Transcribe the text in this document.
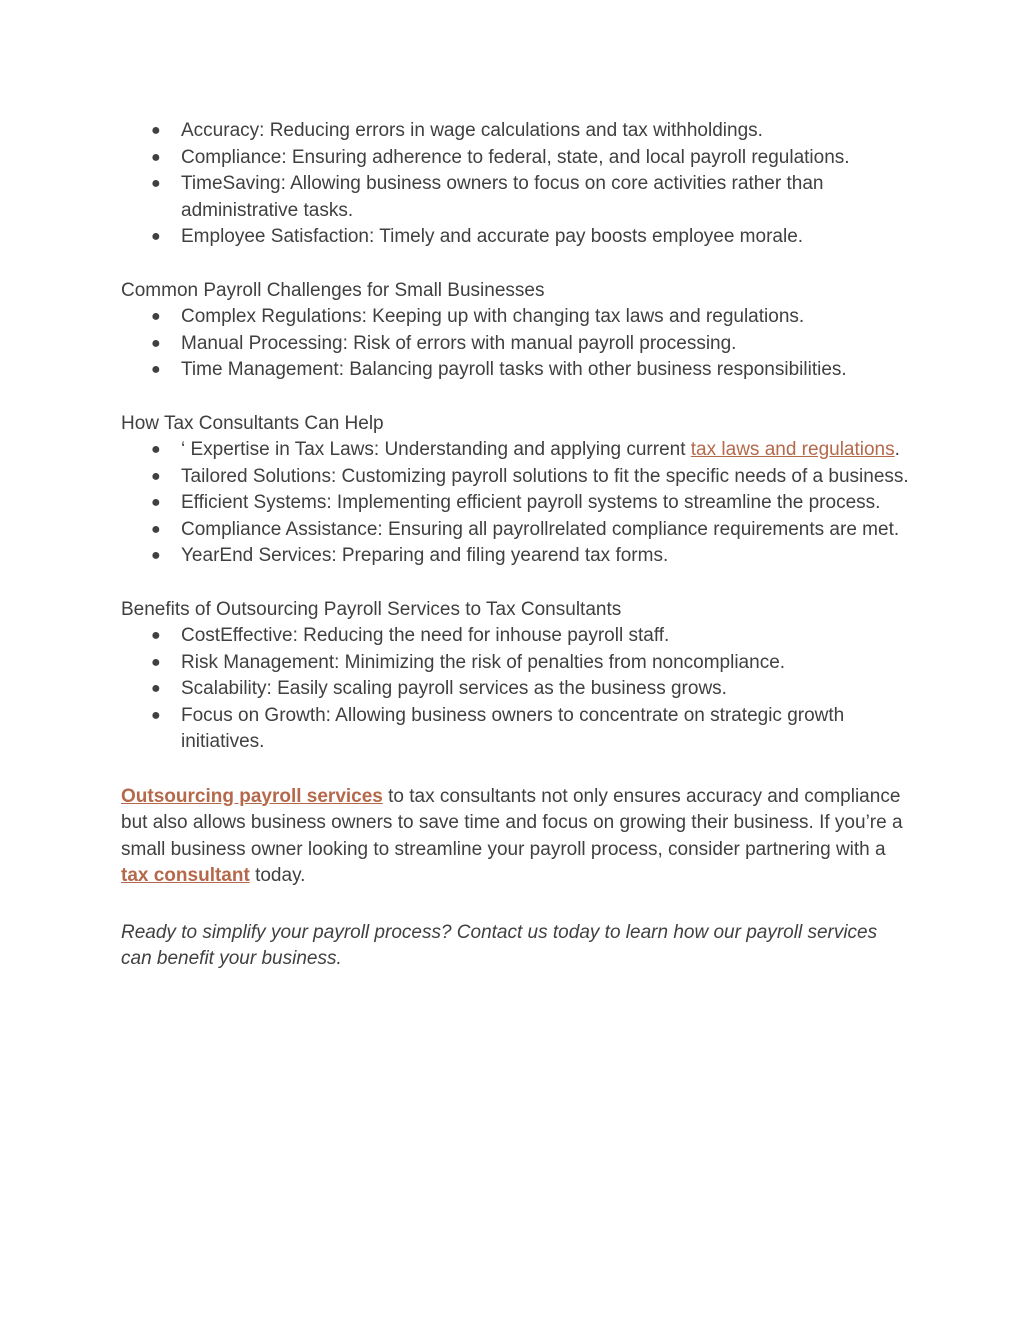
● Accuracy: Reducing errors in wage calculations and tax withholdings.
● Compliance: Ensuring adherence to federal, state, and local payroll regulations.
● TimeSaving: Allowing business owners to focus on core activities rather than administrative tasks.
● Employee Satisfaction: Timely and accurate pay boosts employee morale.

Common Payroll Challenges for Small Businesses

● Complex Regulations: Keeping up with changing tax laws and regulations.
● Manual Processing: Risk of errors with manual payroll processing.
● Time Management: Balancing payroll tasks with other business responsibilities.

How Tax Consultants Can Help

● ‘ Expertise in Tax Laws: Understanding and applying current tax laws and regulations.
● Tailored Solutions: Customizing payroll solutions to fit the specific needs of a business.
● Efficient Systems: Implementing efficient payroll systems to streamline the process.
● Compliance Assistance: Ensuring all payrollrelated compliance requirements are met.
● YearEnd Services: Preparing and filing yearend tax forms.

Benefits of Outsourcing Payroll Services to Tax Consultants

● CostEffective: Reducing the need for inhouse payroll staff.
● Risk Management: Minimizing the risk of penalties from noncompliance.
● Scalability: Easily scaling payroll services as the business grows.
● Focus on Growth: Allowing business owners to concentrate on strategic growth initiatives.

Outsourcing payroll services to tax consultants not only ensures accuracy and compliance but also allows business owners to save time and focus on growing their business. If you’re a small business owner looking to streamline your payroll process, consider partnering with a tax consultant today.

Ready to simplify your payroll process? Contact us today to learn how our payroll services can benefit your business.
